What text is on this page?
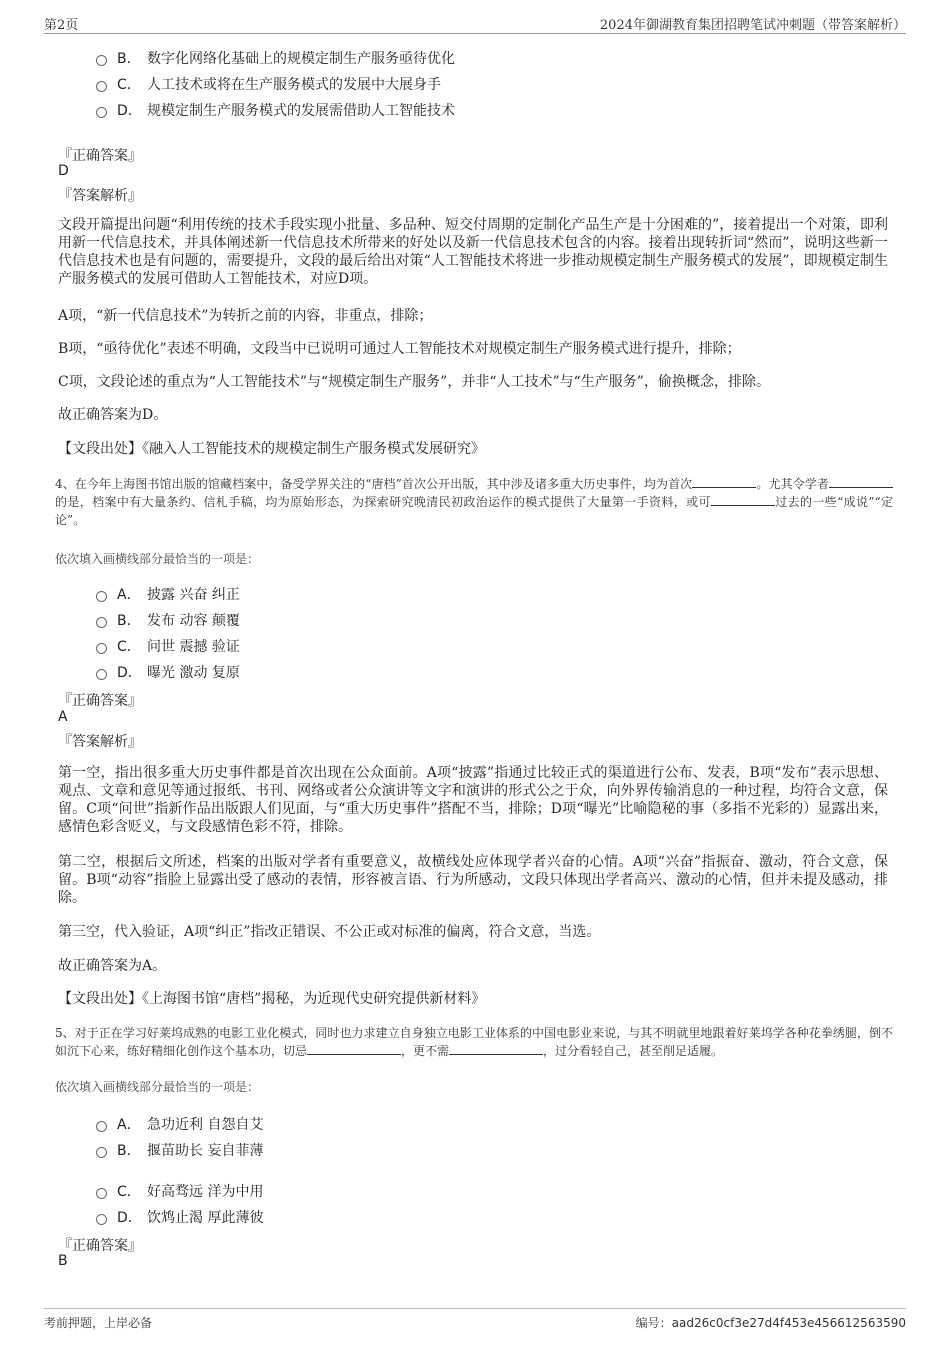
第2页	2024年御湖教育集团招聘笔试冲刺题（带答案解析）
B． 数字化网络化基础上的规模定制生产服务亟待优化
C． 人工技术或将在生产服务模式的发展中大展身手
D． 规模定制生产服务模式的发展需借助人工智能技术
『正确答案』
D
『答案解析』
文段开篇提出问题“利用传统的技术手段实现小批量、多品种、短交付周期的定制化产品生产是十分困难的”，接着提出一个对策，即利用新一代信息技术，并具体阐述新一代信息技术所带来的好处以及新一代信息技术包含的内容。接着出现转折词“然而”，说明这些新一代信息技术也是有问题的，需要提升，文段的最后给出对策“人工智能技术将进一步推动规模定制生产服务模式的发展”，即规模定制生产服务模式的发展可借助人工智能技术，对应D项。
A项，“新一代信息技术”为转折之前的内容，非重点，排除；
B项，“亟待优化”表述不明确，文段当中已说明可通过人工智能技术对规模定制生产服务模式进行提升，排除；
C项，文段论述的重点为“人工智能技术”与“规模定制生产服务”，并非“人工技术”与“生产服务”，偷换概念，排除。
故正确答案为D。
【文段出处】《融入人工智能技术的规模定制生产服务模式发展研究》
4、在今年上海图书馆出版的馆藏档案中，备受学界关注的“唐档”首次公开出版，其中涉及诸多重大历史事件，均为首次	。尤其令学者的是，档案中有大量条约、信札手稿，均为原始形态，为探索研究晚清民初政治运作的模式提供了大量第一手资料，或可	过去的一些“成说”“定论”。
依次填入画横线部分最恰当的一项是：
A． 披露 兴奋 纠正
B． 发布 动容 颠覆
C． 问世 震撼 验证
D． 曝光 激动 复原
『正确答案』
A
『答案解析』
第一空，指出很多重大历史事件都是首次出现在公众面前。A项“披露”指通过比较正式的渠道进行公布、发表，B项“发布”表示思想、观点、文章和意见等通过报纸、书刊、网络或者公众演讲等文字和演讲的形式公之于众，向外界传输消息的一种过程，均符合文意，保留。C项“问世”指新作品出版跟人们见面，与“重大历史事件”搭配不当，排除；D项“曝光”比喻隐秘的事（多指不光彩的）显露出来，感情色彩含贬义，与文段感情色彩不符，排除。
第二空，根据后文所述，档案的出版对学者有重要意义，故横线处应体现学者兴奋的心情。A项“兴奋”指振奋、激动，符合文意，保留。B项“动容”指脸上显露出受了感动的表情，形容被言语、行为所感动，文段只体现出学者高兴、激动的心情，但并未提及感动，排除。
第三空，代入验证，A项“纠正”指改正错误、不公正或对标准的偏离，符合文意，当选。
故正确答案为A。
【文段出处】《上海图书馆“唐档”揭秘，为近现代史研究提供新材料》
5、对于正在学习好莱坞成熟的电影工业化模式，同时也力求建立自身独立电影工业体系的中国电影业来说，与其不明就里地跟着好莱坞学各种花拳绣腿，倒不如沉下心来，练好精细化创作这个基本功，切忌	，更不需	，过分看轻自己，甚至削足适履。
依次填入画横线部分最恰当的一项是：
A． 急功近利 自怨自艾
B． 揠苗助长 妄自菲薄
C． 好高骛远 洋为中用
D． 饮鸩止渴 厚此薄彼
『正确答案』
B
考前押题，上岸必备	编号：aad26c0cf3e27d4f453e456612563590
